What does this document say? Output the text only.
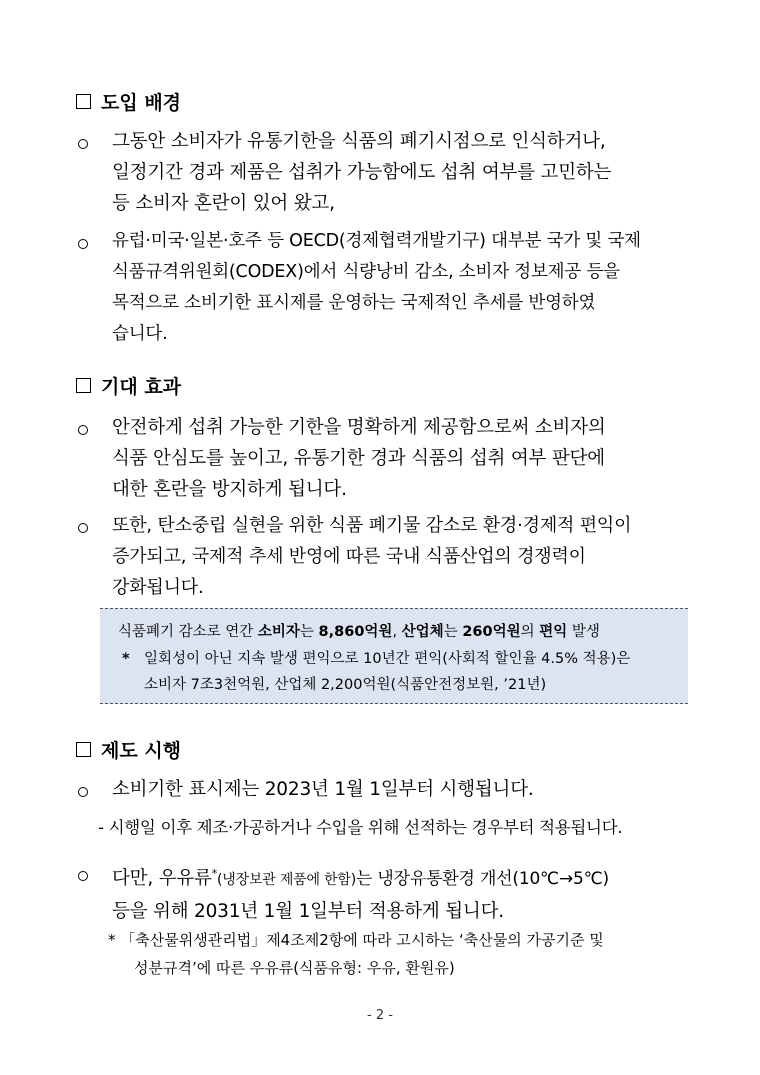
도입 배경
그동안 소비자가 유통기한을 식품의 폐기시점으로 인식하거나,
일정기간 경과 제품은 섭취가 가능함에도 섭취 여부를 고민하는
등 소비자 혼란이 있어 왔고,
유럽·미국·일본·호주 등 OECD(경제협력개발기구) 대부분 국가 및 국제
식품규격위원회(CODEX)에서 식량낭비 감소, 소비자 정보제공 등을
목적으로 소비기한 표시제를 운영하는 국제적인 추세를 반영하였
습니다.
기대 효과
안전하게 섭취 가능한 기한을 명확하게 제공함으로써 소비자의
식품 안심도를 높이고, 유통기한 경과 식품의 섭취 여부 판단에
대한 혼란을 방지하게 됩니다.
또한, 탄소중립 실현을 위한 식품 폐기물 감소로 환경·경제적 편익이
증가되고, 국제적 추세 반영에 따른 국내 식품산업의 경쟁력이
강화됩니다.
식품폐기 감소로 연간 소비자는 8,860억원, 산업체는 260억원의 편익 발생
* 일회성이 아닌 지속 발생 편익으로 10년간 편익(사회적 할인율 4.5% 적용)은
소비자 7조3천억원, 산업체 2,200억원(식품안전정보원, ’21년)
제도 시행
소비기한 표시제는 2023년 1월 1일부터 시행됩니다.
- 시행일 이후 제조·가공하거나 수입을 위해 선적하는 경우부터 적용됩니다.
다만, 우유류*(냉장보관 제품에 한함)는 냉장유통환경 개선(10℃→5℃)
등을 위해 2031년 1월 1일부터 적용하게 됩니다.
* 「축산물위생관리법」제4조제2항에 따라 고시하는 ‘축산물의 가공기준 및
성분규격’에 따른 우유류(식품유형: 우유, 환원유)
- 2 -
